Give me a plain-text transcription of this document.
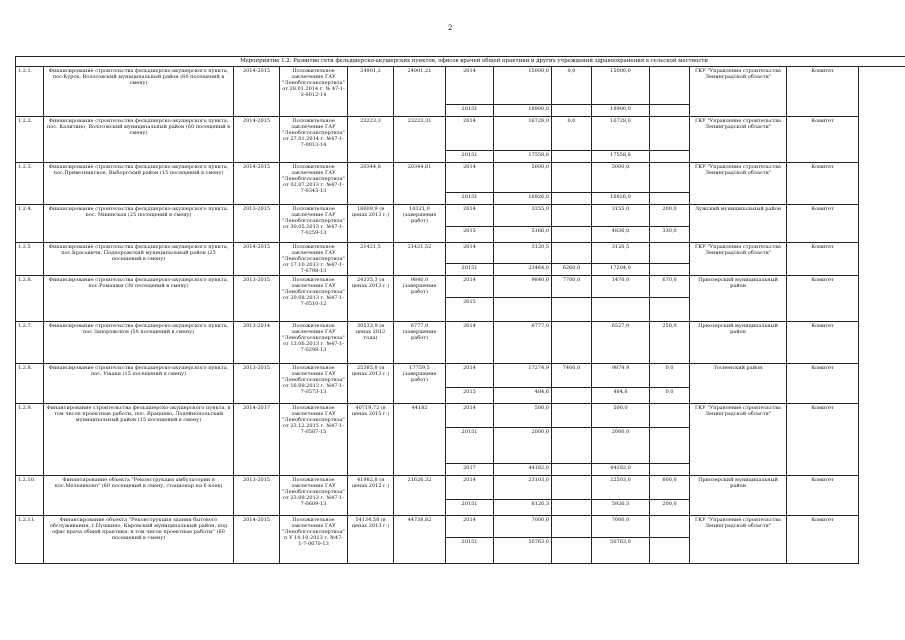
2
Мероприятие 1.2. Развитие сети фельдшерско-акушерских пунктов, офисов врачей общей практики и других учреждений здравоохранения в сельской местности												
1.2.1.	Финансирование строительства фельдшерско-акушерского пункта, пос.Курск, Волосовский муниципальный район (60 посещений в смену)	2014-2015	Положительное заключение ГАУ "Леноблгосэкспертиза" от 28.01.2014 г. № 47-1-3-0012-14	24901,2	24901,21	2014	15000,0	0,0	15000,0		ГКУ "Управление строительства Ленинградской области"	Комитет
						20151	18900,0		18900,0			
1.2.2.	Финансирование строительства фельдшерско-акушерского пункта, пос. Калитино, Волосовский муниципальный район (60 посещений в смену)	2014-2015	Положительное заключение ГАУ "Леноблгосэкспертиза" от 27.01.2014 г. №47-1-7-0013-14	23223,3	23223,31	2014	16728,0	0,0	16728,0		ГКУ "Управление строительства Ленинградской области"	Комитет
						20151	17558,8		17558,8			
1.2.3.	Финансирование строительства фельдшерско-акушерского пункта, пос.Приветнинское, Выборгский район (15 посещений в смену)	2014-2015	Положительное заключение ГАУ "Леноблгосэкспертиза" от 02.07.2013 г. №47-1-7-0343-13	20344,8	20344,81	2014	5000,0		5000,0		ГКУ "Управление строительства Ленинградской области"	Комитет
						20151	16926,0		16926,0			
1.2.4.	Финансирование строительства фельдшерско-акушерского пункта, пос. Мшинская (25 посещений в смену)	2013-2015	Положительное заключение ГАУ "Леноблгосэкспертиза" от 30.05.2013 г. №47-1-7-0259-13	18609,9 (в ценах 2013 г.)	10321,0 (завершение работ)	2014	3355,0		3155,0	200,0	Лужский муниципальный район	Комитет
						2015	5166,0		4836,0	330,0		
1.2.5	Финансирование строительства фельдшерско-акушерского пункта, пос.Красавичи, Подпорожский муниципальный район (25 посещений в смену)	2014-2015	Положительное заключение ГАУ "Леноблгосэкспертиза" от 17.10.2013 г. №47-1-7-0798-13	21421,5	21421,52	2014	3120,5		3120,5		ГКУ "Управление строительства Ленинградской области"	Комитет
						20151	23464,0	6260,0	17204,0			
1.2.6.	Финансирование строительства фельдшерско-акушерского пункта, пос.Ромашки (30 посещений в смену)	2013-2015	Положительное заключение ГАУ "Леноблгосэкспертиза" от 20.08.2013 г. №47-1-7-0510-12	24335,3 (в ценах 2013 г.)	9840,0 (завершение работ)	2014	9840,0	7700,0	1470,0	670,0	Приозерский муниципальный район	Комитет
						2015						
1.2.7.	Финансирование строительства фельдшерско-акушерского пункта, пос.Запорожское (50 посещений в смену)	2013-2014	Положительное заключение ГАУ "Леноблгосэкспертиза" от 13.06.2013 г. №47-1-7-0298-13	30533,9 (в ценах 2012 года)	6777,0 (завершение работ)	2014	6777,0		6527,0	250,0	Приозерский муниципальный район	Комитет
1.2.8.	Финансирование строительства фельдшерско-акушерского пункта, пос. Ушаки (15 посещений в смену)	2013-2015	Положительное заключение ГАУ "Леноблгосэкспертиза" от 16.09.2013 г. №47-1-7-0573-13	25385,8 (в ценах 2013 г.)	17759,5 (завершение работ)	2014	17274,9	7400,0	9874,9	0,0	Тосненский район	Комитет
						2015	484,6		484,6	0,0		
1.2.9.	Финансирование строительства фельдшерско-акушерского пункта, в том числе проектные работы, пос. Враццево, Лодейнопольский муниципальный район (15 посещений в смену)	2014-2017	Положительное заключение ГАУ "Леноблгосэкспертиза" от 23.12.2015 г. №47-1-7-0587-15	40719,72 (в ценах 2015 г.)	44182	2014	500,0		500,0		ГКУ "Управление строительства Ленинградской области"	Комитет
						20151	2000,0		2000,0			
						2017	44182,0		44182,0			
1.2.10.	Финансирование объекта "Реконструкция амбулатории в пос.Мельниково" (60 посещений в смену, стационар на 6 коек)	2013-2015	Положительное заключение ГАУ "Леноблгосэкспертиза" от 23.09.2013 г. №47-1-7-0609-13	41982,8 (в ценах 2012 г.)	21626,32	2014	23103,0		22503,0	600,0	Приозерский муниципальный район	Комитет
						20151	6126,3		5926,3	200,0		
1.2.11.	Финансирование объекта "Реконструкция здания бытового обслуживания, г.Пушкино, Кировский муниципальный район, под офис врача общей практики, в том числе проектные работы" (60 посещений в смену)	2014-2015	Положительное заключение ГАУ "Леноблгосэкспертиза"п У 10.10.2013 г. №47-1-7-0670-13	54134,58 (в ценах 2013 г.)	44738,82	2014	7000,0		7000,0		ГКУ "Управление строительства Ленинградской области"	Комитет
						20151	50763,0		50763,0			
